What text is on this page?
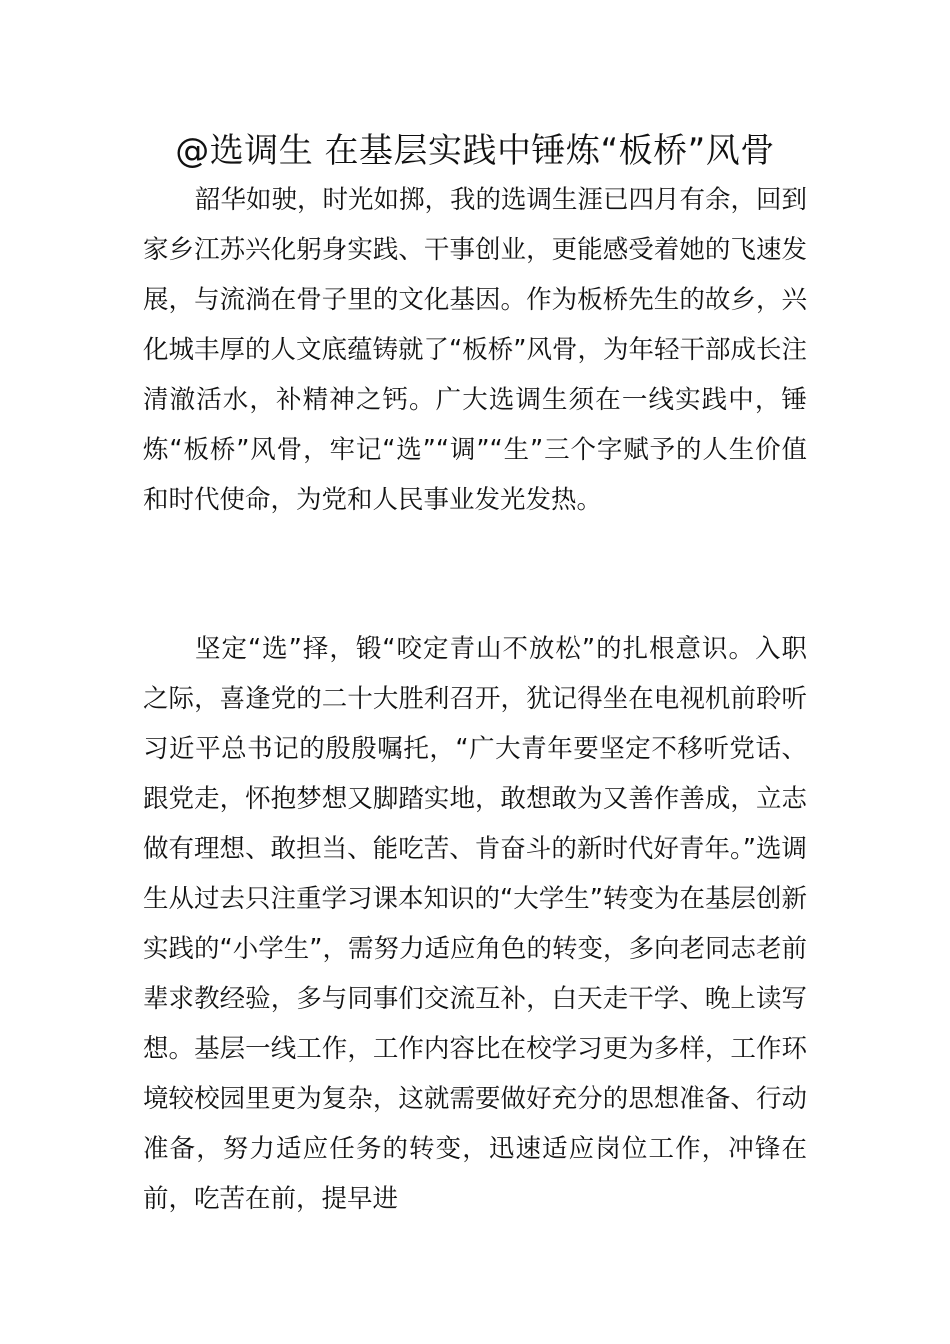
@选调生 在基层实践中锤炼“板桥”风骨

韶华如驶，时光如掷，我的选调生涯已四月有余，回到家乡江苏兴化躬身实践、干事创业，更能感受着她的飞速发展，与流淌在骨子里的文化基因。作为板桥先生的故乡，兴化城丰厚的人文底蕴铸就了“板桥”风骨，为年轻干部成长注清澈活水，补精神之钙。广大选调生须在一线实践中，锤炼“板桥”风骨，牢记“选”“调”“生”三个字赋予的人生价值和时代使命，为党和人民事业发光发热。

坚定“选”择，锻“咬定青山不放松”的扎根意识。入职之际，喜逢党的二十大胜利召开，犹记得坐在电视机前聆听习近平总书记的殷殷嘱托，“广大青年要坚定不移听党话、跟党走，怀抱梦想又脚踏实地，敢想敢为又善作善成，立志做有理想、敢担当、能吃苦、肯奋斗的新时代好青年。”选调生从过去只注重学习课本知识的“大学生”转变为在基层创新实践的“小学生”，需努力适应角色的转变，多向老同志老前辈求教经验，多与同事们交流互补，白天走干学、晚上读写想。基层一线工作，工作内容比在校学习更为多样，工作环境较校园里更为复杂，这就需要做好充分的思想准备、行动准备，努力适应任务的转变，迅速适应岗位工作，冲锋在前，吃苦在前，提早进
